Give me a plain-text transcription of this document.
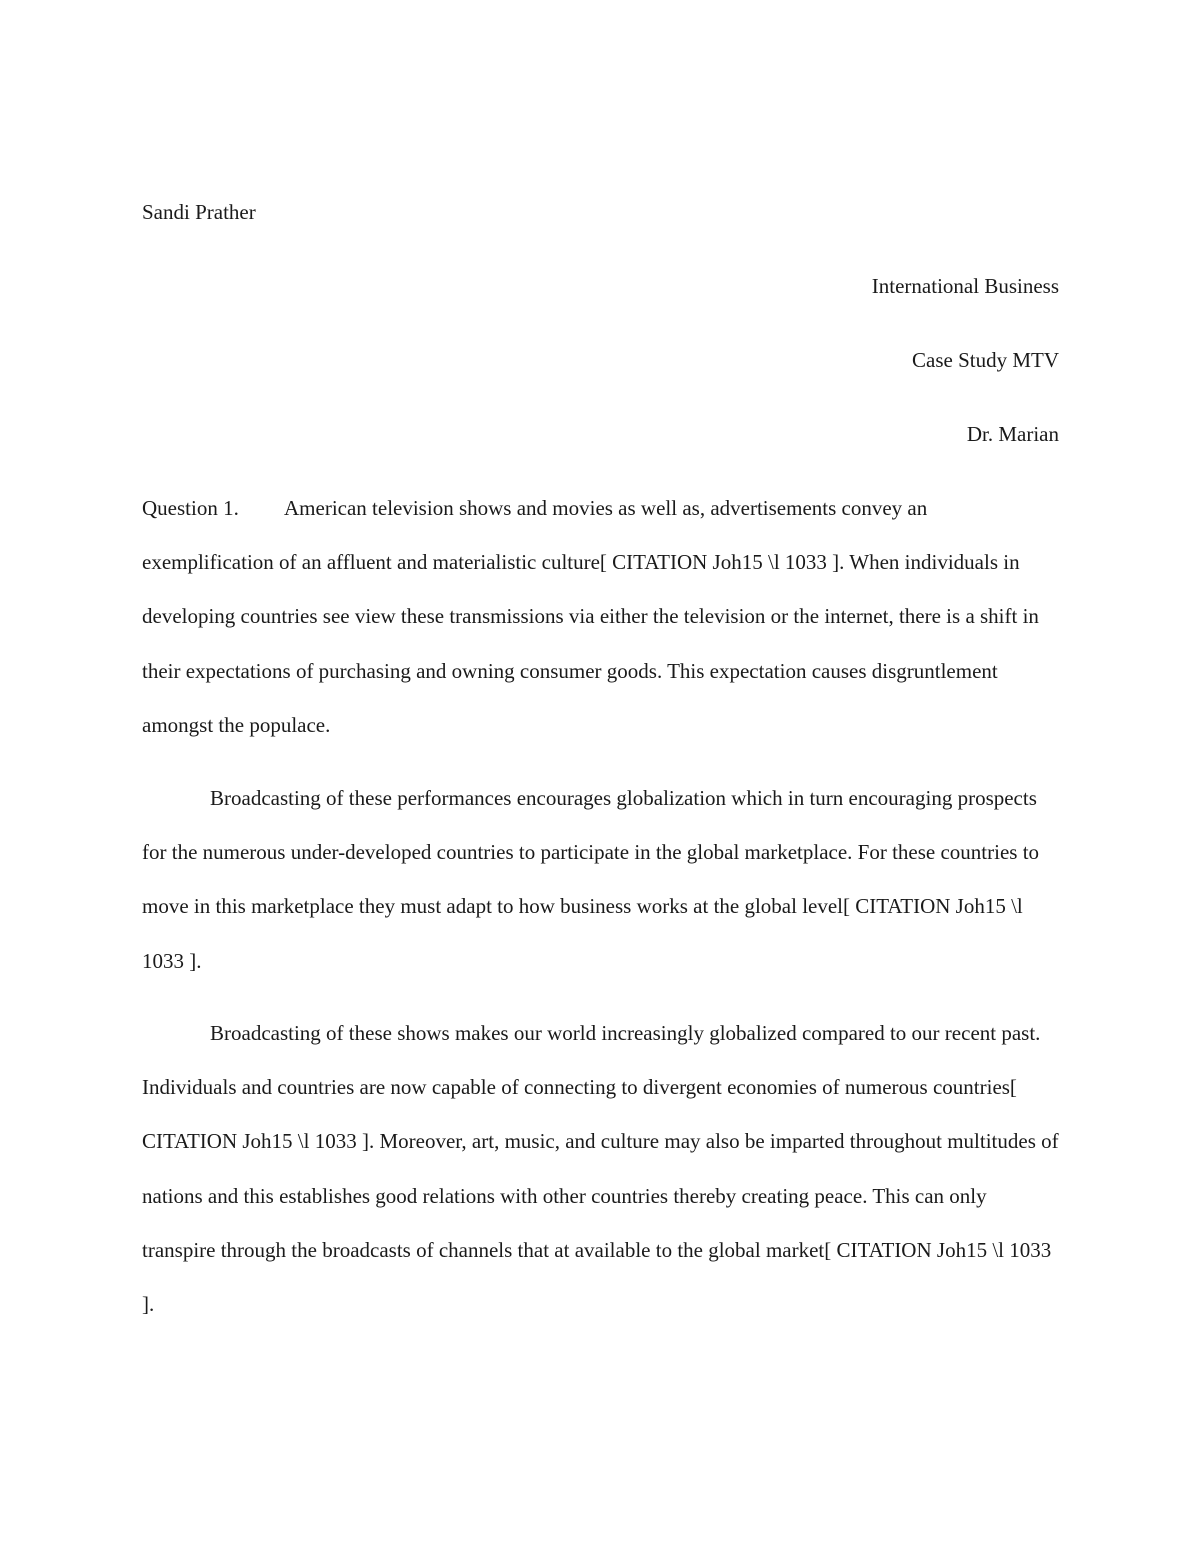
Sandi Prather

International Business

Case Study MTV

Dr. Marian

Question 1. American television shows and movies as well as, advertisements convey an exemplification of an affluent and materialistic culture[ CITATION Joh15 \l 1033 ]. When individuals in developing countries see view these transmissions via either the television or the internet, there is a shift in their expectations of purchasing and owning consumer goods. This expectation causes disgruntlement amongst the populace.

Broadcasting of these performances encourages globalization which in turn encouraging prospects for the numerous under-developed countries to participate in the global marketplace. For these countries to move in this marketplace they must adapt to how business works at the global level[ CITATION Joh15 \l 1033 ].

Broadcasting of these shows makes our world increasingly globalized compared to our recent past. Individuals and countries are now capable of connecting to divergent economies of numerous countries[ CITATION Joh15 \l 1033 ]. Moreover, art, music, and culture may also be imparted throughout multitudes of nations and this establishes good relations with other countries thereby creating peace. This can only transpire through the broadcasts of channels that at available to the global market[ CITATION Joh15 \l 1033 ].
